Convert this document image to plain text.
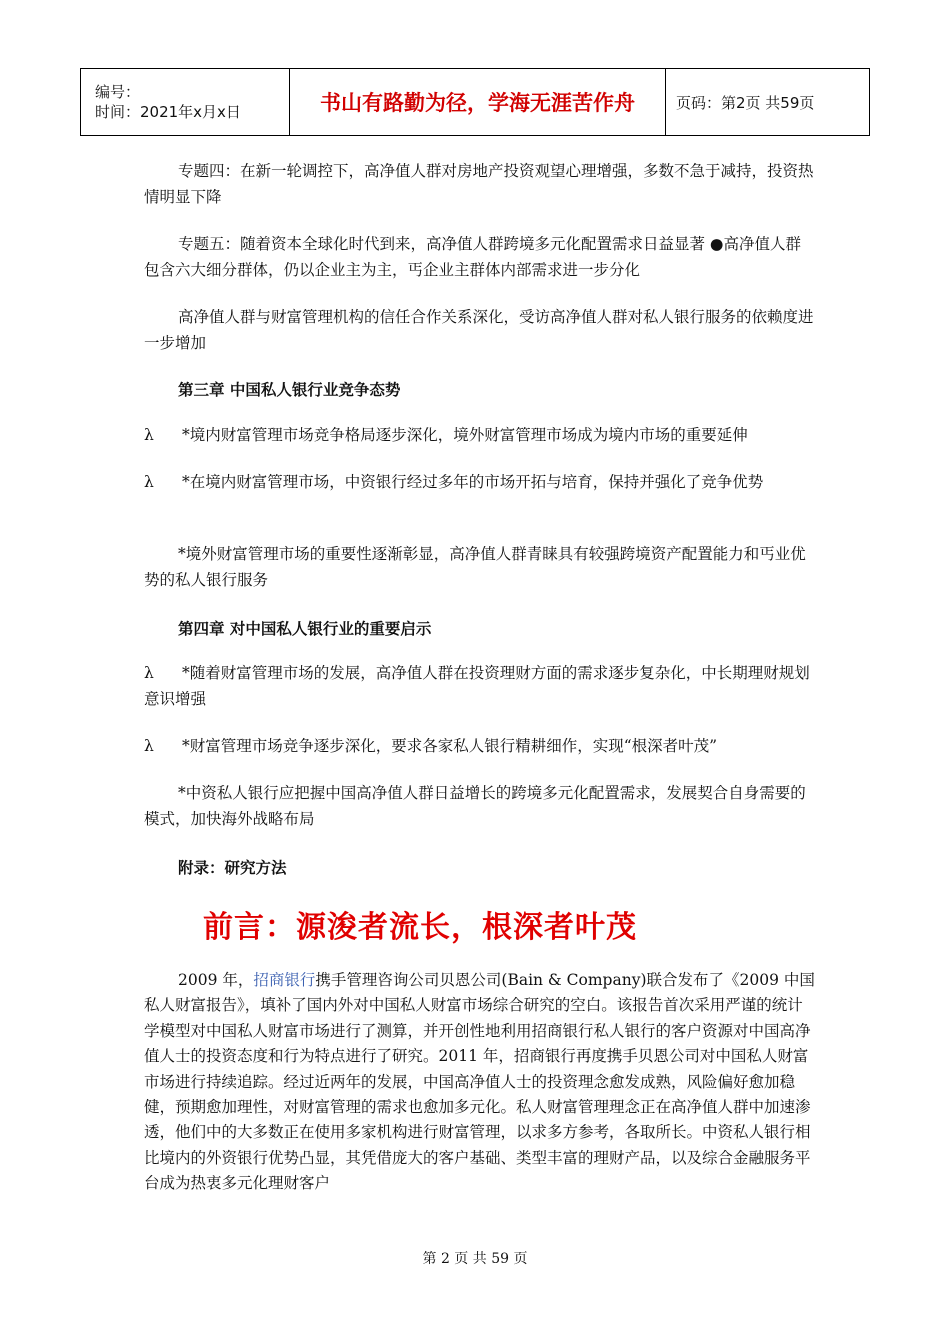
编号：
时间：2021年x月x日	书山有路勤为径，学海无涯苦作舟	页码：第2页 共59页

专题四：在新一轮调控下，高净值人群对房地产投资观望心理增强，多数不急于减持，投资热情明显下降

专题五：随着资本全球化时代到来，高净值人群跨境多元化配置需求日益显著 ●高净值人群包含六大细分群体，仍以企业主为主，丐企业主群体内部需求进一步分化

高净值人群与财富管理机构的信任合作关系深化，受访高净值人群对私人银行服务的依赖度进一步增加

第三章 中国私人银行业竞争态势

λ *境内财富管理市场竞争格局逐步深化，境外财富管理市场成为境内市场的重要延伸

λ *在境内财富管理市场，中资银行经过多年的市场开拓与培育，保持并强化了竞争优势

*境外财富管理市场的重要性逐渐彰显，高净值人群青睐具有较强跨境资产配置能力和丐业优势的私人银行服务

第四章 对中国私人银行业的重要启示

λ *随着财富管理市场的发展，高净值人群在投资理财方面的需求逐步复杂化，中长期理财规划意识增强

λ *财富管理市场竞争逐步深化，要求各家私人银行精耕细作，实现“根深者叶茂”

*中资私人银行应把握中国高净值人群日益增长的跨境多元化配置需求，发展契合自身需要的模式，加快海外战略布局

附录：研究方法

前言：源浚者流长，根深者叶茂

2009 年，招商银行携手管理咨询公司贝恩公司(Bain & Company)联合发布了《2009 中国私人财富报告》，填补了国内外对中国私人财富市场综合研究的空白。该报告首次采用严谨的统计学模型对中国私人财富市场进行了测算，并开创性地利用招商银行私人银行的客户资源对中国高净值人士的投资态度和行为特点进行了研究。2011 年，招商银行再度携手贝恩公司对中国私人财富市场进行持续追踪。经过近两年的发展，中国高净值人士的投资理念愈发成熟，风险偏好愈加稳健，预期愈加理性，对财富管理的需求也愈加多元化。私人财富管理理念正在高净值人群中加速渗透，他们中的大多数正在使用多家机构进行财富管理，以求多方参考，各取所长。中资私人银行相比境内的外资银行优势凸显，其凭借庞大的客户基础、类型丰富的理财产品，以及综合金融服务平台成为热衷多元化理财客户

第 2 页 共 59 页
